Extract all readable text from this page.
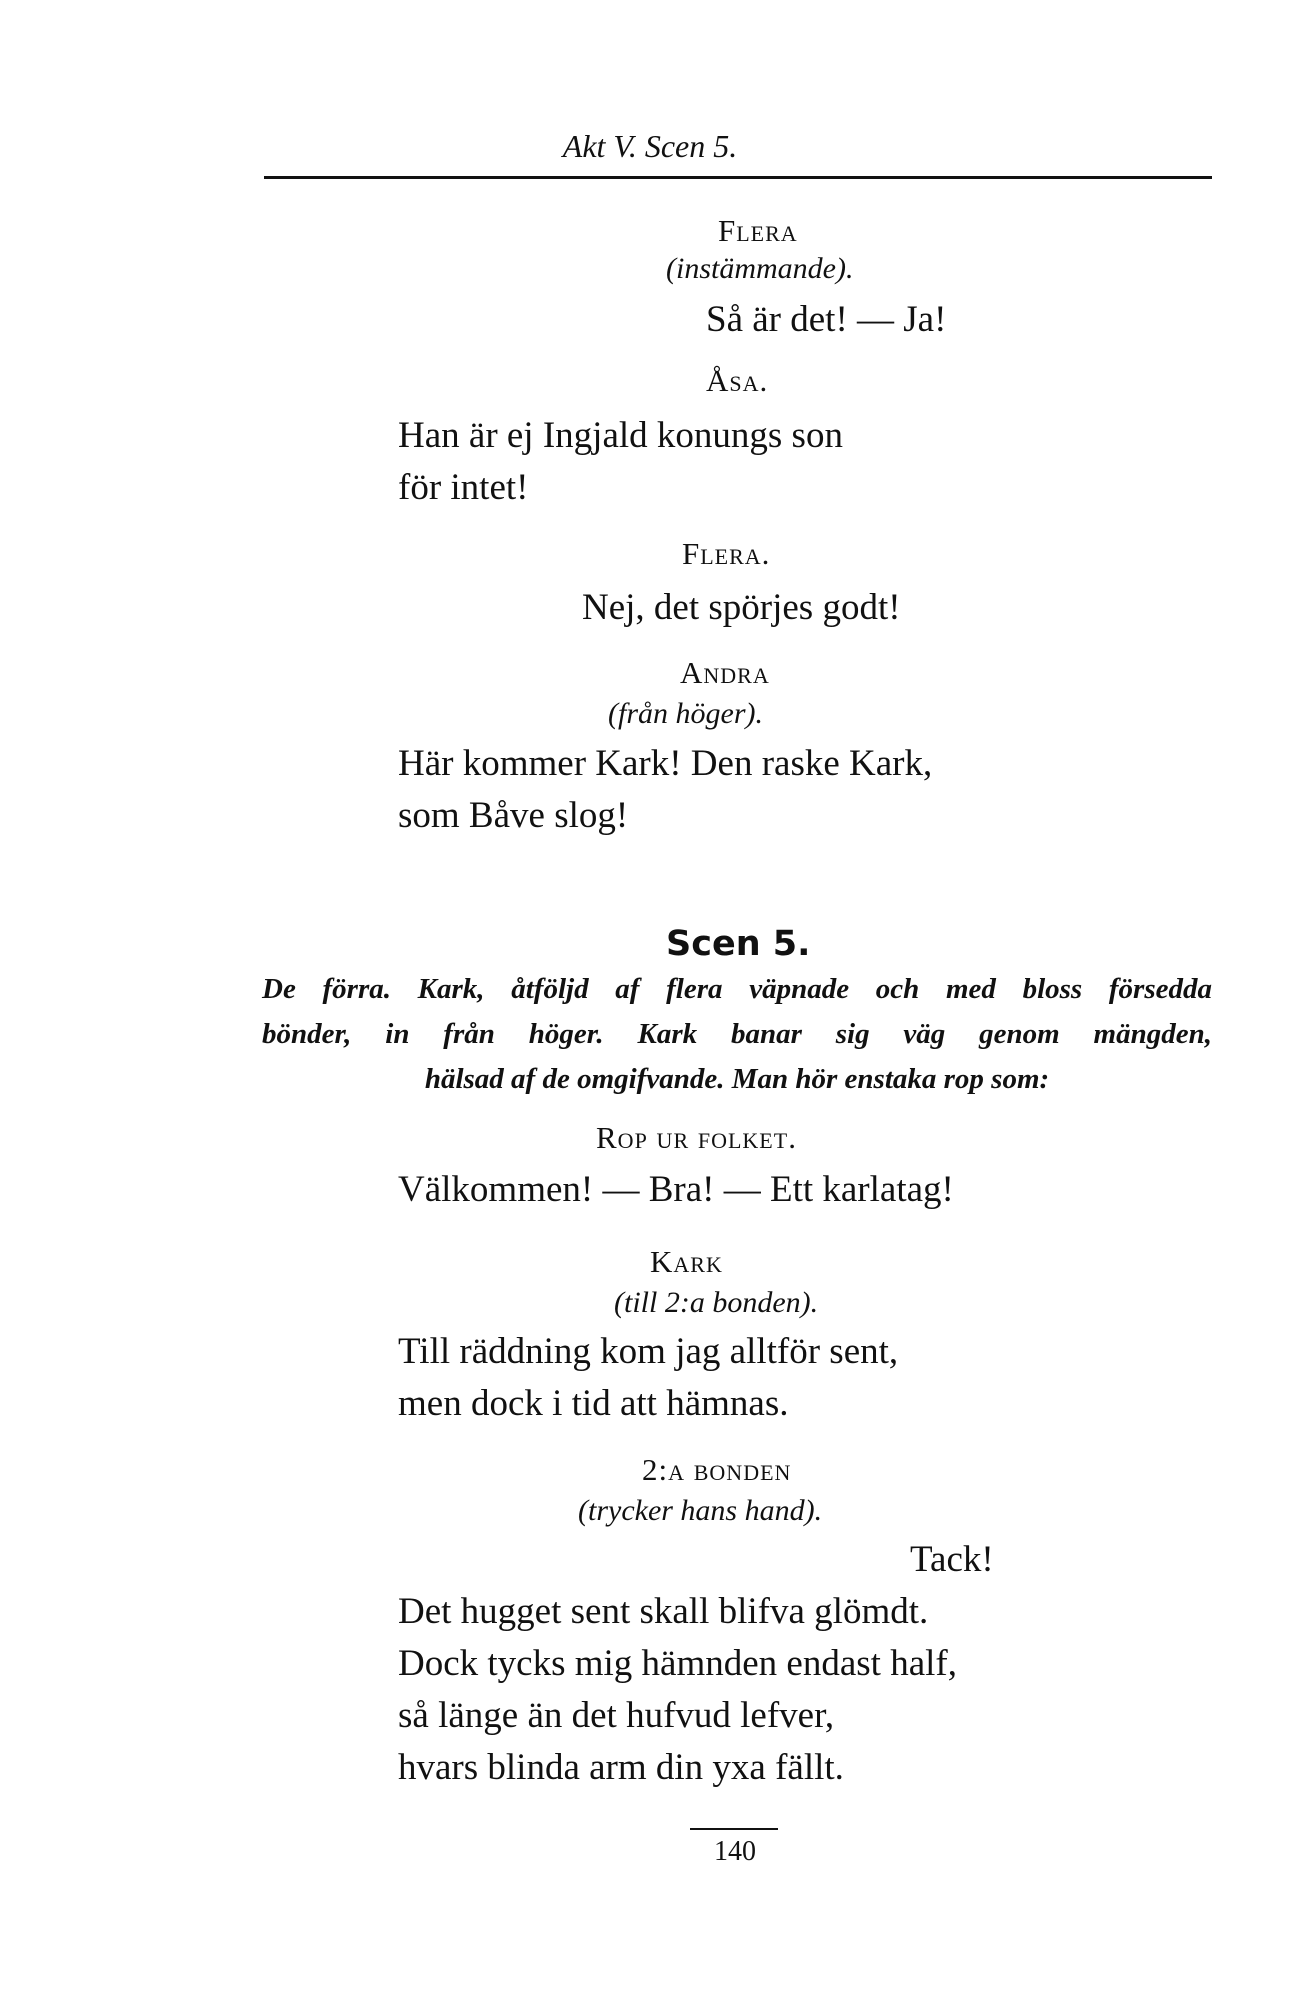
Akt V. Scen 5.
Flera
(instämmande).
Så är det! — Ja!
Åsa.
Han är ej Ingjald konungs son
för intet!
Flera.
Nej, det spörjes godt!
Andra
(från höger).
Här kommer Kark! Den raske Kark,
som Båve slog!
Scen 5.
De förra. Kark, åtföljd af flera väpnade och med bloss försedda
bönder, in från höger. Kark banar sig väg genom mängden,
hälsad af de omgifvande. Man hör enstaka rop som:
Rop ur folket.
Välkommen! — Bra! — Ett karlatag!
Kark
(till 2:a bonden).
Till räddning kom jag alltför sent,
men dock i tid att hämnas.
2:a bonden
(trycker hans hand).
Tack!
Det hugget sent skall blifva glömdt.
Dock tycks mig hämnden endast half,
så länge än det hufvud lefver,
hvars blinda arm din yxa fällt.
140
